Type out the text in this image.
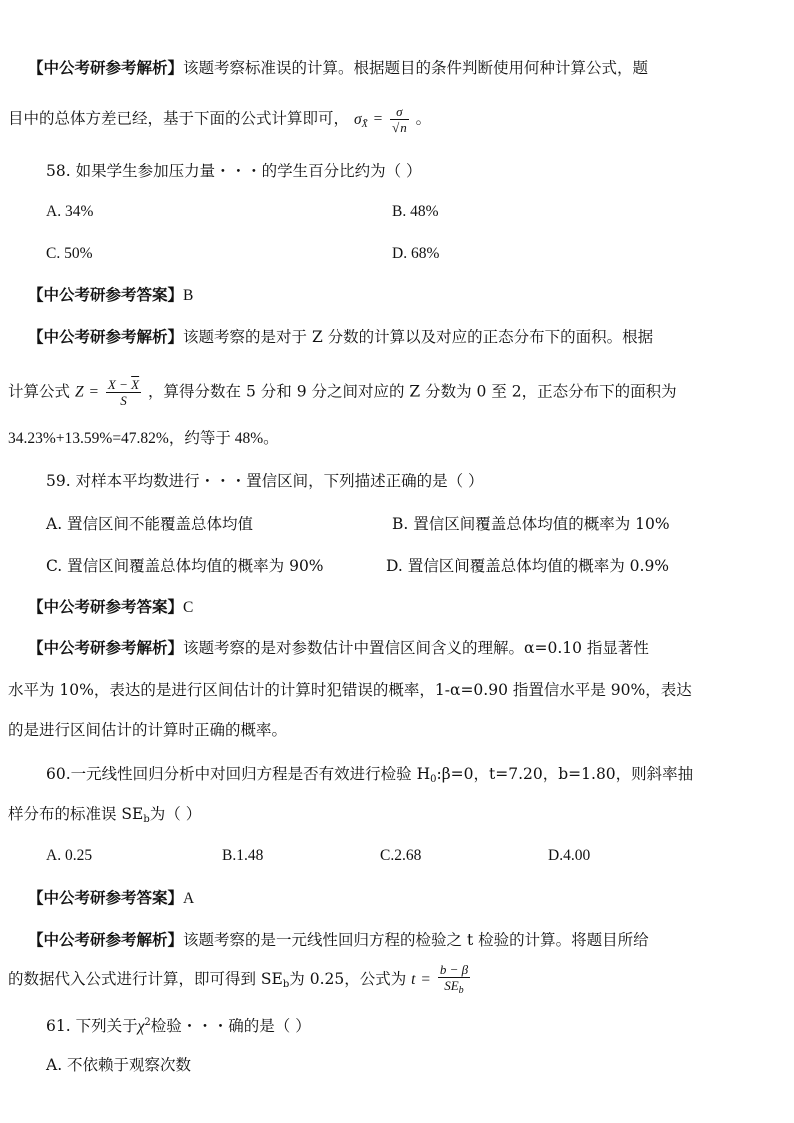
【中公考研参考解析】该题考察标准误的计算。根据题目的条件判断使用何种计算公式，题
目中的总体方差已经，基于下面的公式计算即可， $\sigma_{X̄} = \frac{\sigma}{√n}$ 。
58. 如果学生参加压力量・・・的学生百分比约为（ ）
A. 34%	B. 48%
C. 50%	D. 68%
【中公考研参考答案】B
【中公考研参考解析】该题考察的是对于 Z 分数的计算以及对应的正态分布下的面积。根据
计算公式 $Z = \frac{X - \overline{X}}{S}$ ，算得分数在 5 分和 9 分之间对应的 Z 分数为 0 至 2，正态分布下的面积为
34.23%+13.59%=47.82%，约等于 48%。
59. 对样本平均数进行・・・置信区间，下列描述正确的是（ ）
A. 置信区间不能覆盖总体均值	B. 置信区间覆盖总体均值的概率为 10%
C. 置信区间覆盖总体均值的概率为 90%	D. 置信区间覆盖总体均值的概率为 0.9%
【中公考研参考答案】C
【中公考研参考解析】该题考察的是对参数估计中置信区间含义的理解。α=0.10 指显著性
水平为 10%，表达的是进行区间估计的计算时犯错误的概率，1-α=0.90 指置信水平是 90%，表达
的是进行区间估计的计算时正确的概率。
60.一元线性回归分析中对回归方程是否有效进行检验 $H_0:\beta=0$，t=7.20，b=1.80，则斜率抽
样分布的标准误 $SE_b$为（ ）
A. 0.25	B.1.48	C.2.68	D.4.00
【中公考研参考答案】A
【中公考研参考解析】该题考察的是一元线性回归方程的检验之 t 检验的计算。将题目所给
的数据代入公式进行计算，即可得到 $SE_b$为 0.25，公式为 $t = \frac{b - \beta}{SE_b}$
61. 下列关于$\chi^2$检验・・・确的是（ ）
A. 不依赖于观察次数
